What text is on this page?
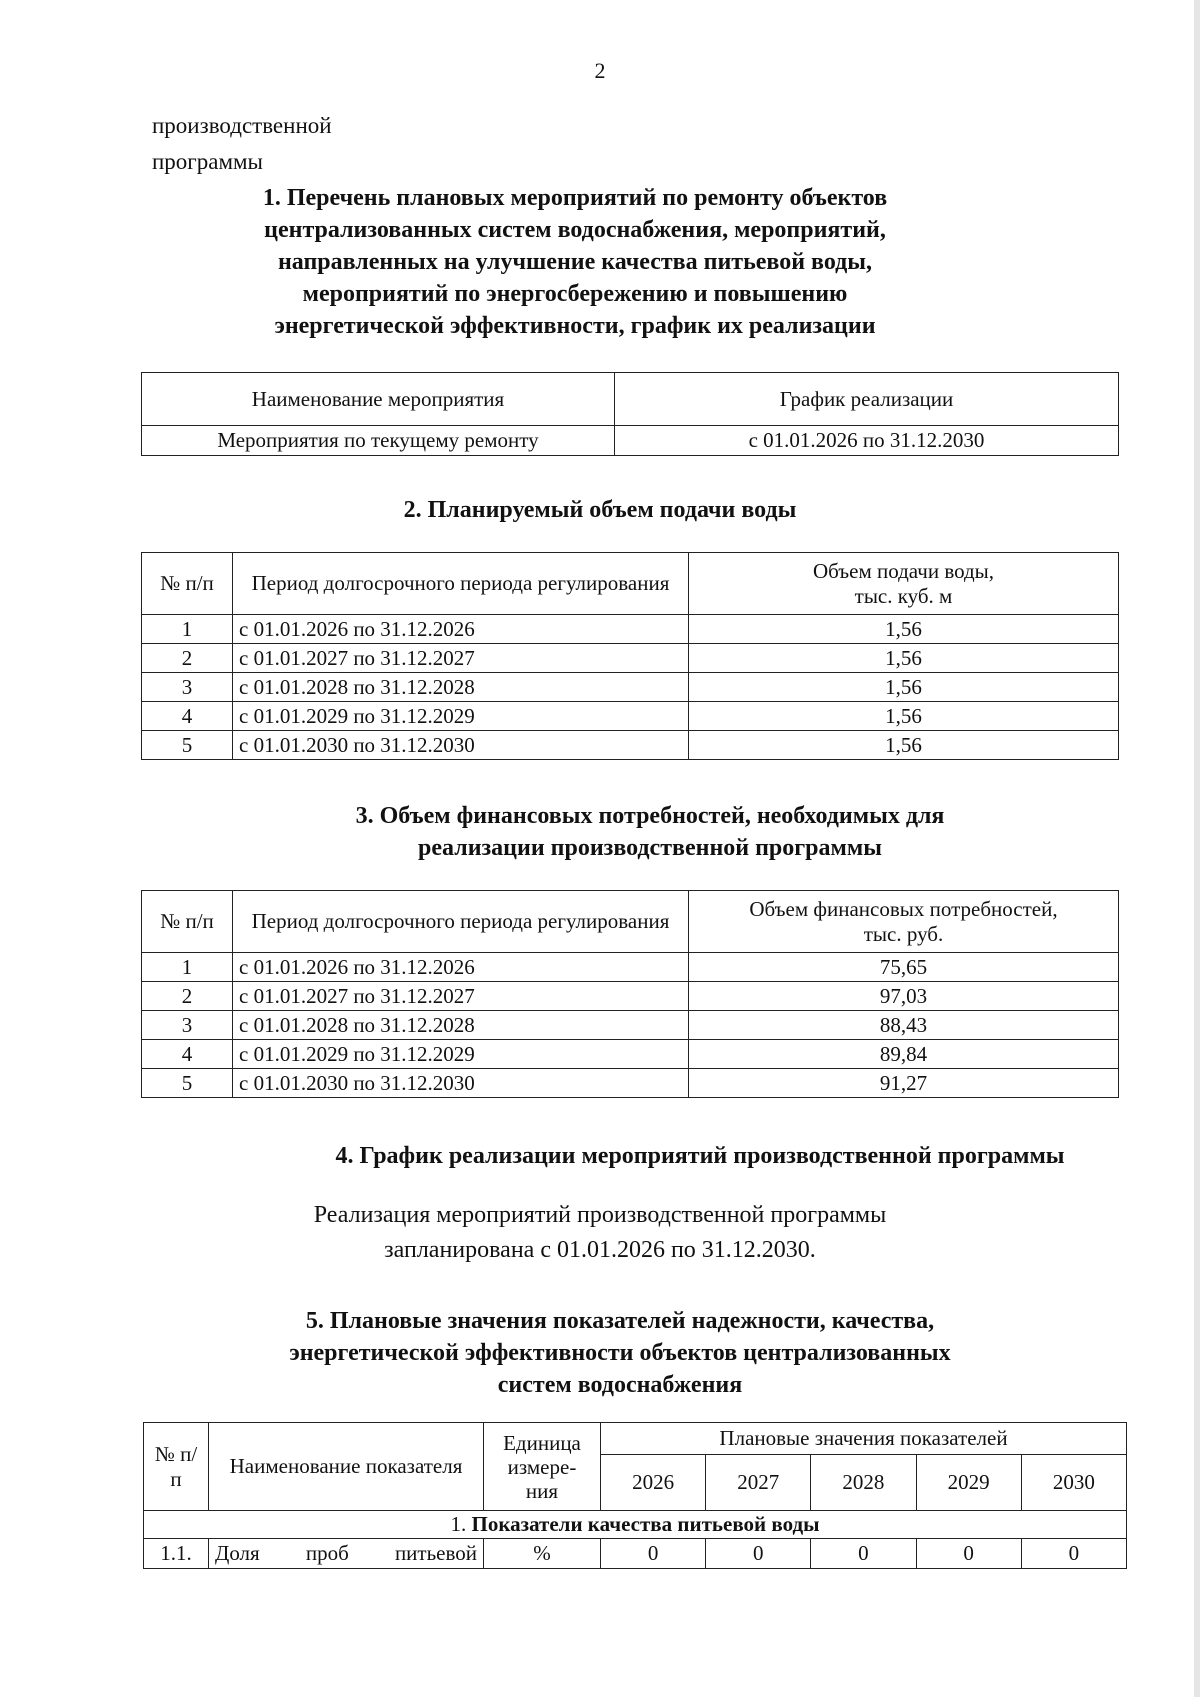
2
производственной
программы
1. Перечень плановых мероприятий по ремонту объектов
централизованных систем водоснабжения, мероприятий,
направленных на улучшение качества питьевой воды,
мероприятий по энергосбережению и повышению
энергетической эффективности, график их реализации
Наименование мероприятия	График реализации
Мероприятия по текущему ремонту	с 01.01.2026 по 31.12.2030
2. Планируемый объем подачи воды
№ п/п	Период долгосрочного периода регулирования	Объем подачи воды,
тыс. куб. м

1	с 01.01.2026 по 31.12.2026	1,56
2	с 01.01.2027 по 31.12.2027	1,56
3	с 01.01.2028 по 31.12.2028	1,56
4	с 01.01.2029 по 31.12.2029	1,56
5	с 01.01.2030 по 31.12.2030	1,56
3. Объем финансовых потребностей, необходимых для
реализации производственной программы
№ п/п	Период долгосрочного периода регулирования	Объем финансовых потребностей,
тыс. руб.

1	с 01.01.2026 по 31.12.2026	75,65
2	с 01.01.2027 по 31.12.2027	97,03
3	с 01.01.2028 по 31.12.2028	88,43
4	с 01.01.2029 по 31.12.2029	89,84
5	с 01.01.2030 по 31.12.2030	91,27
4. График реализации мероприятий производственной программы
Реализация мероприятий производственной программы
запланирована с 01.01.2026 по 31.12.2030.
5. Плановые значения показателей надежности, качества,
энергетической эффективности объектов централизованных
систем водоснабжения
№ п/п	Наименование показателя	Единица измере- ния	Плановые значения показателей				
			2026	2027	2028	2029	2030
1. Показатели качества питьевой воды							
1.1.	Доля проб питьевой	%	0	0	0	0	0
